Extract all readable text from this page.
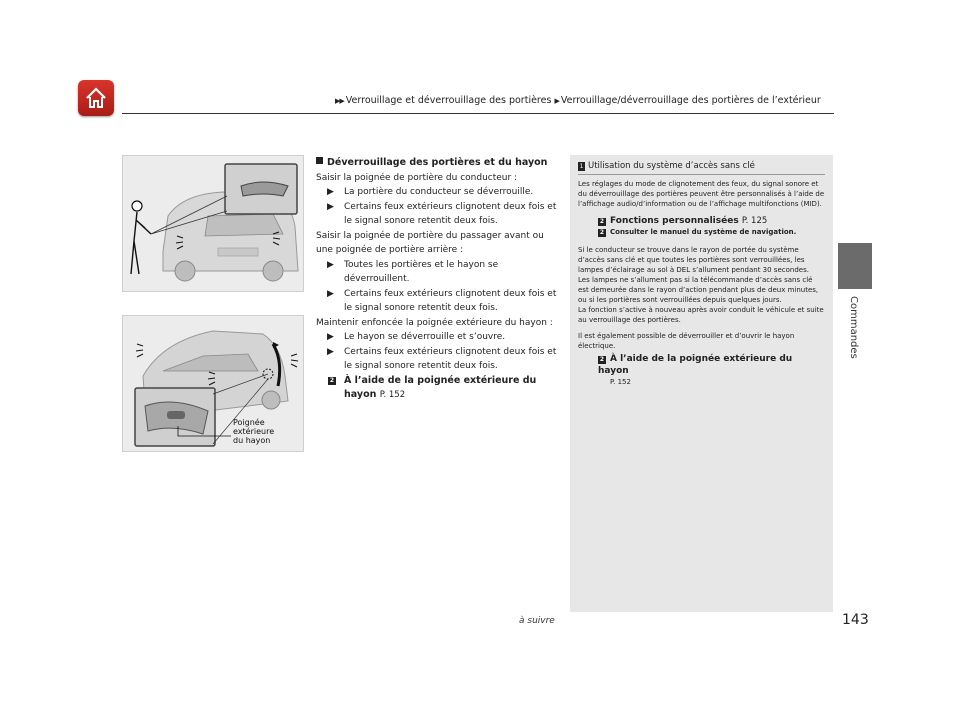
▶▶ Verrouillage et déverrouillage des portières ▶ Verrouillage/déverrouillage des portières de l’extérieur
Commandes
Poignée
extérieure
du hayon
Déverrouillage des portières et du hayon
Saisir la poignée de portière du conducteur :
▶ La portière du conducteur se déverrouille.
▶ Certains feux extérieurs clignotent deux fois et le signal sonore retentit deux fois.
Saisir la poignée de portière du passager avant ou une poignée de portière arrière :
▶ Toutes les portières et le hayon se déverrouillent.
▶ Certains feux extérieurs clignotent deux fois et le signal sonore retentit deux fois.
Maintenir enfoncée la poignée extérieure du hayon :
▶ Le hayon se déverrouille et s’ouvre.
▶ Certains feux extérieurs clignotent deux fois et le signal sonore retentit deux fois.
2 À l’aide de la poignée extérieure du hayon P. 152
1 Utilisation du système d’accès sans clé

Les réglages du mode de clignotement des feux, du signal sonore et du déverrouillage des portières peuvent être personnalisés à l’aide de l’affichage audio/d’information ou de l’affichage multifonctions (MID).

2 Fonctions personnalisées P. 125
2 Consulter le manuel du système de navigation.

Si le conducteur se trouve dans le rayon de portée du système d’accès sans clé et que toutes les portières sont verrouillées, les lampes d’éclairage au sol à DEL s’allument pendant 30 secondes.

Les lampes ne s’allument pas si la télécommande d’accès sans clé est demeurée dans le rayon d’action pendant plus de deux minutes, ou si les portières sont verrouillées depuis quelques jours.

La fonction s’active à nouveau après avoir conduit le véhicule et suite au verrouillage des portières.

Il est également possible de déverrouiller et d’ouvrir le hayon électrique.

2 À l’aide de la poignée extérieure du hayon
P. 152
à suivre	143
